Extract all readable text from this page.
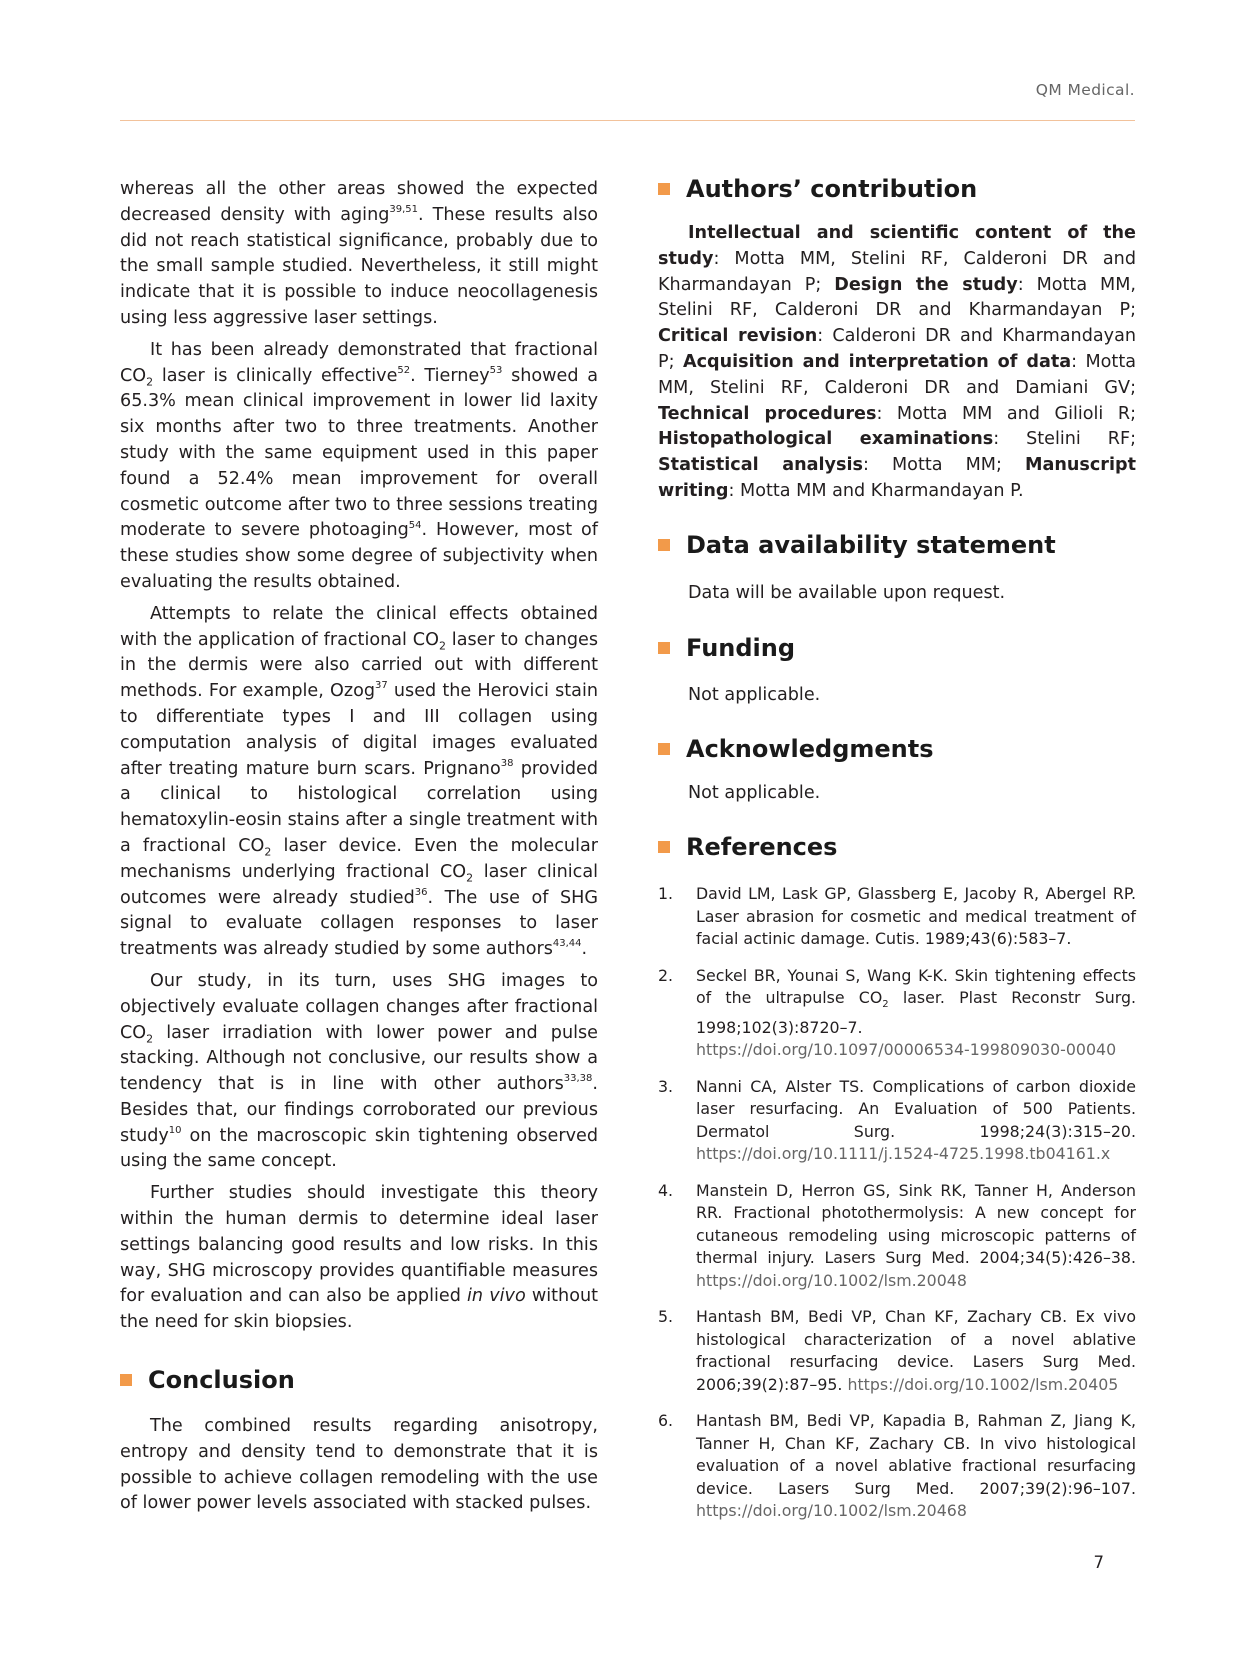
QM Medical.

whereas all the other areas showed the expected decreased density with aging$^{39,51}$. These results also did not reach statistical significance, probably due to the small sample studied. Nevertheless, it still might indicate that it is possible to induce neocollagenesis using less aggressive laser settings.

It has been already demonstrated that fractional $CO_2$ laser is clinically effective$^{52}$. Tierney$^{53}$ showed a 65.3% mean clinical improvement in lower lid laxity six months after two to three treatments. Another study with the same equipment used in this paper found a 52.4% mean improvement for overall cosmetic outcome after two to three sessions treating moderate to severe photoaging$^{54}$. However, most of these studies show some degree of subjectivity when evaluating the results obtained.

Attempts to relate the clinical effects obtained with the application of fractional $CO_2$ laser to changes in the dermis were also carried out with different methods. For example, Ozog$^{37}$ used the Herovici stain to differentiate types I and III collagen using computation analysis of digital images evaluated after treating mature burn scars. Prignano$^{38}$ provided a clinical to histological correlation using hematoxylin-eosin stains after a single treatment with a fractional $CO_2$ laser device. Even the molecular mechanisms underlying fractional $CO_2$ laser clinical outcomes were already studied$^{36}$. The use of SHG signal to evaluate collagen responses to laser treatments was already studied by some authors$^{43,44}$.

Our study, in its turn, uses SHG images to objectively evaluate collagen changes after fractional $CO_2$ laser irradiation with lower power and pulse stacking. Although not conclusive, our results show a tendency that is in line with other authors$^{33,38}$. Besides that, our findings corroborated our previous study$^{10}$ on the macroscopic skin tightening observed using the same concept.

Further studies should investigate this theory within the human dermis to determine ideal laser settings balancing good results and low risks. In this way, SHG microscopy provides quantifiable measures for evaluation and can also be applied in vivo without the need for skin biopsies.

Conclusion

The combined results regarding anisotropy, entropy and density tend to demonstrate that it is possible to achieve collagen remodeling with the use of lower power levels associated with stacked pulses.

Authors’ contribution

Intellectual and scientific content of the study: Motta MM, Stelini RF, Calderoni DR and Kharmandayan P; Design the study: Motta MM, Stelini RF, Calderoni DR and Kharmandayan P; Critical revision: Calderoni DR and Kharmandayan P; Acquisition and interpretation of data: Motta MM, Stelini RF, Calderoni DR and Damiani GV; Technical procedures: Motta MM and Gilioli R; Histopathological examinations: Stelini RF; Statistical analysis: Motta MM; Manuscript writing: Motta MM and Kharmandayan P.

Data availability statement

Data will be available upon request.

Funding

Not applicable.

Acknowledgments

Not applicable.

References
1.	David LM, Lask GP, Glassberg E, Jacoby R, Abergel RP. Laser abrasion for cosmetic and medical treatment of facial actinic damage. Cutis. 1989;43(6):583–7.
2.	Seckel BR, Younai S, Wang K-K. Skin tightening effects of the ultrapulse $CO_2$ laser. Plast Reconstr Surg. 1998;102(3):8720–7. https://doi.org/10.1097/00006534-199809030-00040
3.	Nanni CA, Alster TS. Complications of carbon dioxide laser resurfacing. An Evaluation of 500 Patients. Dermatol Surg. 1998;24(3):315–20. https://doi.org/10.1111/j.1524-4725.1998.tb04161.x
4.	Manstein D, Herron GS, Sink RK, Tanner H, Anderson RR. Fractional photothermolysis: A new concept for cutaneous remodeling using microscopic patterns of thermal injury. Lasers Surg Med. 2004;34(5):426–38. https://doi.org/10.1002/lsm.20048
5.	Hantash BM, Bedi VP, Chan KF, Zachary CB. Ex vivo histological characterization of a novel ablative fractional resurfacing device. Lasers Surg Med. 2006;39(2):87–95. https://doi.org/10.1002/lsm.20405
6.	Hantash BM, Bedi VP, Kapadia B, Rahman Z, Jiang K, Tanner H, Chan KF, Zachary CB. In vivo histological evaluation of a novel ablative fractional resurfacing device. Lasers Surg Med. 2007;39(2):96–107. https://doi.org/10.1002/lsm.20468
7
